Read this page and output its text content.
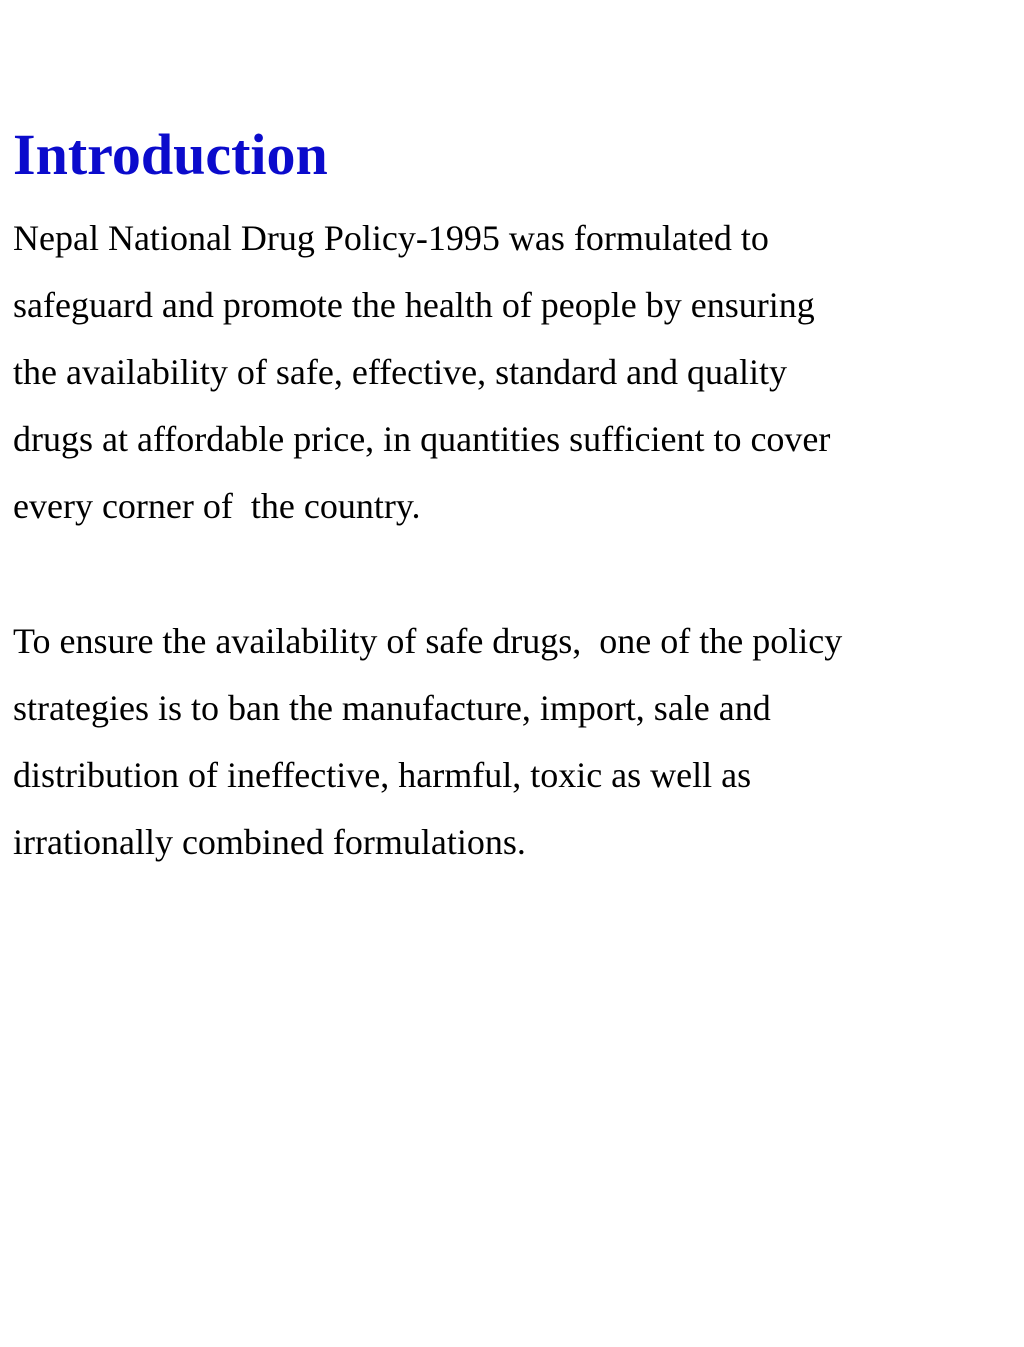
Introduction

Nepal National Drug Policy-1995 was formulated to

safeguard and promote the health of people by ensuring

the availability of safe, effective, standard and quality

drugs at affordable price, in quantities sufficient to cover

every corner of  the country.

To ensure the availability of safe drugs,  one of the policy

strategies is to ban the manufacture, import, sale and

distribution of ineffective, harmful, toxic as well as

irrationally combined formulations.
